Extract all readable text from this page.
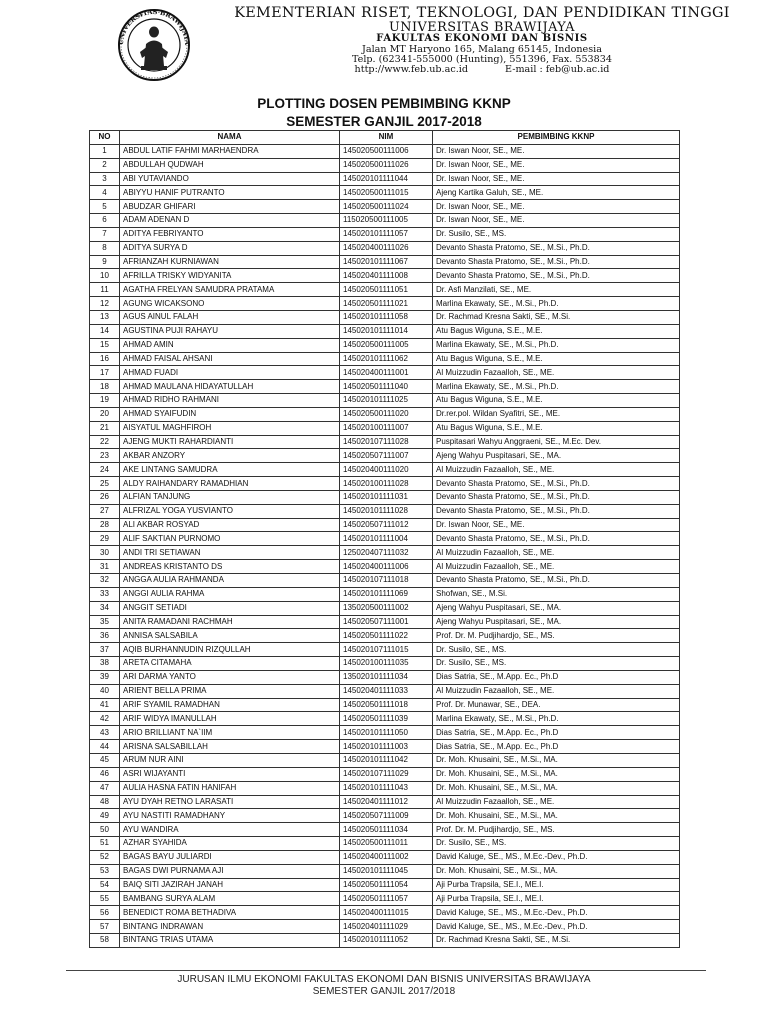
UNIVERSITAS BRAWIJAYA
KEMENTERIAN RISET, TEKNOLOGI, DAN PENDIDIKAN TINGGI
UNIVERSITAS BRAWIJAYA
FAKULTAS EKONOMI DAN BISNIS
Jalan MT Haryono 165, Malang 65145, Indonesia
Telp. (62341-555000 (Hunting), 551396, Fax. 553834
http://www.feb.ub.ac.id	E-mail : feb@ub.ac.id
PLOTTING DOSEN PEMBIMBING KKNP
SEMESTER GANJIL 2017-2018
NO	NAMA	NIM	PEMBIMBING KKNP
1	ABDUL LATIF FAHMI MARHAENDRA	145020500111006	Dr. Iswan Noor, SE., ME.
2	ABDULLAH QUDWAH	145020500111026	Dr. Iswan Noor, SE., ME.
3	ABI YUTAVIANDO	145020101111044	Dr. Iswan Noor, SE., ME.
4	ABIYYU HANIF PUTRANTO	145020500111015	Ajeng Kartika Galuh, SE., ME.
5	ABUDZAR GHIFARI	145020500111024	Dr. Iswan Noor, SE., ME.
6	ADAM ADENAN D	115020500111005	Dr. Iswan Noor, SE., ME.
7	ADITYA FEBRIYANTO	145020101111057	Dr. Susilo, SE., MS.
8	ADITYA SURYA D	145020400111026	Devanto Shasta Pratomo, SE., M.Si., Ph.D.
9	AFRIANZAH KURNIAWAN	145020101111067	Devanto Shasta Pratomo, SE., M.Si., Ph.D.
10	AFRILLA TRISKY WIDYANITA	145020401111008	Devanto Shasta Pratomo, SE., M.Si., Ph.D.
11	AGATHA FRELYAN SAMUDRA PRATAMA	145020501111051	Dr. Asfi Manzilati, SE., ME.
12	AGUNG WICAKSONO	145020501111021	Marlina Ekawaty, SE., M.Si., Ph.D.
13	AGUS AINUL FALAH	145020101111058	Dr. Rachmad Kresna Sakti, SE., M.Si.
14	AGUSTINA PUJI RAHAYU	145020101111014	Atu Bagus Wiguna, S.E., M.E.
15	AHMAD AMIN	145020500111005	Marlina Ekawaty, SE., M.Si., Ph.D.
16	AHMAD FAISAL AHSANI	145020101111062	Atu Bagus Wiguna, S.E., M.E.
17	AHMAD FUADI	145020400111001	Al Muizzudin Fazaalloh, SE., ME.
18	AHMAD MAULANA HIDAYATULLAH	145020501111040	Marlina Ekawaty, SE., M.Si., Ph.D.
19	AHMAD RIDHO RAHMANI	145020101111025	Atu Bagus Wiguna, S.E., M.E.
20	AHMAD SYAIFUDIN	145020500111020	Dr.rer.pol. Wildan Syafitri, SE., ME.
21	AISYATUL MAGHFIROH	145020100111007	Atu Bagus Wiguna, S.E., M.E.
22	AJENG MUKTI RAHARDIANTI	145020107111028	Puspitasari Wahyu Anggraeni, SE., M.Ec. Dev.
23	AKBAR ANZORY	145020507111007	Ajeng Wahyu Puspitasari, SE., MA.
24	AKE LINTANG SAMUDRA	145020400111020	Al Muizzudin Fazaalloh, SE., ME.
25	ALDY RAIHANDARY RAMADHIAN	145020100111028	Devanto Shasta Pratomo, SE., M.Si., Ph.D.
26	ALFIAN TANJUNG	145020101111031	Devanto Shasta Pratomo, SE., M.Si., Ph.D.
27	ALFRIZAL YOGA YUSVIANTO	145020101111028	Devanto Shasta Pratomo, SE., M.Si., Ph.D.
28	ALI AKBAR ROSYAD	145020507111012	Dr. Iswan Noor, SE., ME.
29	ALIF SAKTIAN PURNOMO	145020101111004	Devanto Shasta Pratomo, SE., M.Si., Ph.D.
30	ANDI TRI SETIAWAN	125020407111032	Al Muizzudin Fazaalloh, SE., ME.
31	ANDREAS KRISTANTO DS	145020400111006	Al Muizzudin Fazaalloh, SE., ME.
32	ANGGA AULIA RAHMANDA	145020107111018	Devanto Shasta Pratomo, SE., M.Si., Ph.D.
33	ANGGI AULIA RAHMA	145020101111069	Shofwan, SE., M.Si.
34	ANGGIT SETIADI	135020500111002	Ajeng Wahyu Puspitasari, SE., MA.
35	ANITA RAMADANI RACHMAH	145020507111001	Ajeng Wahyu Puspitasari, SE., MA.
36	ANNISA SALSABILA	145020501111022	Prof. Dr. M. Pudjihardjo, SE., MS.
37	AQIB BURHANNUDIN RIZQULLAH	145020107111015	Dr. Susilo, SE., MS.
38	ARETA CITAMAHA	145020100111035	Dr. Susilo, SE., MS.
39	ARI DARMA YANTO	135020101111034	Dias Satria, SE., M.App. Ec., Ph.D
40	ARIENT BELLA PRIMA	145020401111033	Al Muizzudin Fazaalloh, SE., ME.
41	ARIF SYAMIL RAMADHAN	145020501111018	Prof. Dr. Munawar, SE., DEA.
42	ARIF WIDYA IMANULLAH	145020501111039	Marlina Ekawaty, SE., M.Si., Ph.D.
43	ARIO BRILLIANT NA`IIM	145020101111050	Dias Satria, SE., M.App. Ec., Ph.D
44	ARISNA SALSABILLAH	145020101111003	Dias Satria, SE., M.App. Ec., Ph.D
45	ARUM NUR AINI	145020101111042	Dr. Moh. Khusaini, SE., M.Si., MA.
46	ASRI WIJAYANTI	145020107111029	Dr. Moh. Khusaini, SE., M.Si., MA.
47	AULIA HASNA FATIN HANIFAH	145020101111043	Dr. Moh. Khusaini, SE., M.Si., MA.
48	AYU DYAH RETNO LARASATI	145020401111012	Al Muizzudin Fazaalloh, SE., ME.
49	AYU NASTITI RAMADHANY	145020507111009	Dr. Moh. Khusaini, SE., M.Si., MA.
50	AYU WANDIRA	145020501111034	Prof. Dr. M. Pudjihardjo, SE., MS.
51	AZHAR SYAHIDA	145020500111011	Dr. Susilo, SE., MS.
52	BAGAS BAYU JULIARDI	145020400111002	David Kaluge, SE., MS., M.Ec.-Dev., Ph.D.
53	BAGAS DWI PURNAMA AJI	145020101111045	Dr. Moh. Khusaini, SE., M.Si., MA.
54	BAIQ SITI JAZIRAH JANAH	145020501111054	Aji Purba Trapsila, SE.I., ME.I.
55	BAMBANG SURYA ALAM	145020501111057	Aji Purba Trapsila, SE.I., ME.I.
56	BENEDICT ROMA BETHADIVA	145020400111015	David Kaluge, SE., MS., M.Ec.-Dev., Ph.D.
57	BINTANG INDRAWAN	145020401111029	David Kaluge, SE., MS., M.Ec.-Dev., Ph.D.
58	BINTANG TRIAS UTAMA	145020101111052	Dr. Rachmad Kresna Sakti, SE., M.Si.
JURUSAN ILMU EKONOMI FAKULTAS EKONOMI DAN BISNIS UNIVERSITAS BRAWIJAYA
SEMESTER GANJIL 2017/2018
